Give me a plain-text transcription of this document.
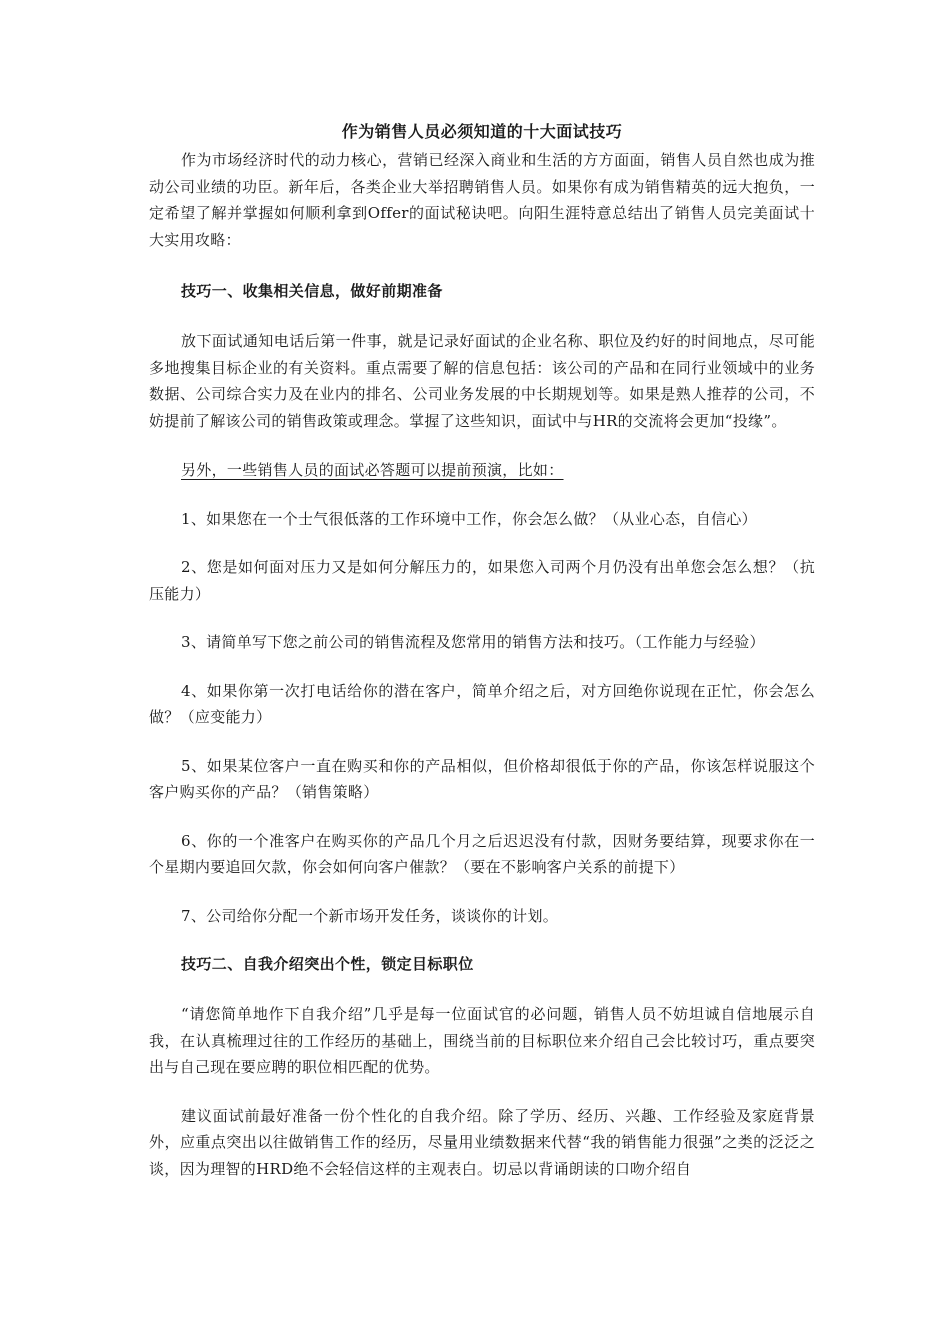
作为销售人员必须知道的十大面试技巧

作为市场经济时代的动力核心，营销已经深入商业和生活的方方面面，销售人员自然也成为推动公司业绩的功臣。新年后，各类企业大举招聘销售人员。如果你有成为销售精英的远大抱负，一定希望了解并掌握如何顺利拿到Offer的面试秘诀吧。向阳生涯特意总结出了销售人员完美面试十大实用攻略：

技巧一、收集相关信息，做好前期准备

放下面试通知电话后第一件事，就是记录好面试的企业名称、职位及约好的时间地点，尽可能多地搜集目标企业的有关资料。重点需要了解的信息包括：该公司的产品和在同行业领域中的业务数据、公司综合实力及在业内的排名、公司业务发展的中长期规划等。如果是熟人推荐的公司，不妨提前了解该公司的销售政策或理念。掌握了这些知识，面试中与HR的交流将会更加“投缘”。

另外，一些销售人员的面试必答题可以提前预演，比如：

1、如果您在一个士气很低落的工作环境中工作，你会怎么做？（从业心态，自信心）

2、您是如何面对压力又是如何分解压力的，如果您入司两个月仍没有出单您会怎么想？（抗压能力）

3、请简单写下您之前公司的销售流程及您常用的销售方法和技巧。（工作能力与经验）

4、如果你第一次打电话给你的潜在客户，简单介绍之后，对方回绝你说现在正忙，你会怎么做？（应变能力）

5、如果某位客户一直在购买和你的产品相似，但价格却很低于你的产品，你该怎样说服这个客户购买你的产品？（销售策略）

6、你的一个准客户在购买你的产品几个月之后迟迟没有付款，因财务要结算，现要求你在一个星期内要追回欠款，你会如何向客户催款？（要在不影响客户关系的前提下）

7、公司给你分配一个新市场开发任务，谈谈你的计划。

技巧二、自我介绍突出个性，锁定目标职位

“请您简单地作下自我介绍”几乎是每一位面试官的必问题，销售人员不妨坦诚自信地展示自我，在认真梳理过往的工作经历的基础上，围绕当前的目标职位来介绍自己会比较讨巧，重点要突出与自己现在要应聘的职位相匹配的优势。

建议面试前最好准备一份个性化的自我介绍。除了学历、经历、兴趣、工作经验及家庭背景外，应重点突出以往做销售工作的经历，尽量用业绩数据来代替“我的销售能力很强”之类的泛泛之谈，因为理智的HRD绝不会轻信这样的主观表白。切忌以背诵朗读的口吻介绍自
